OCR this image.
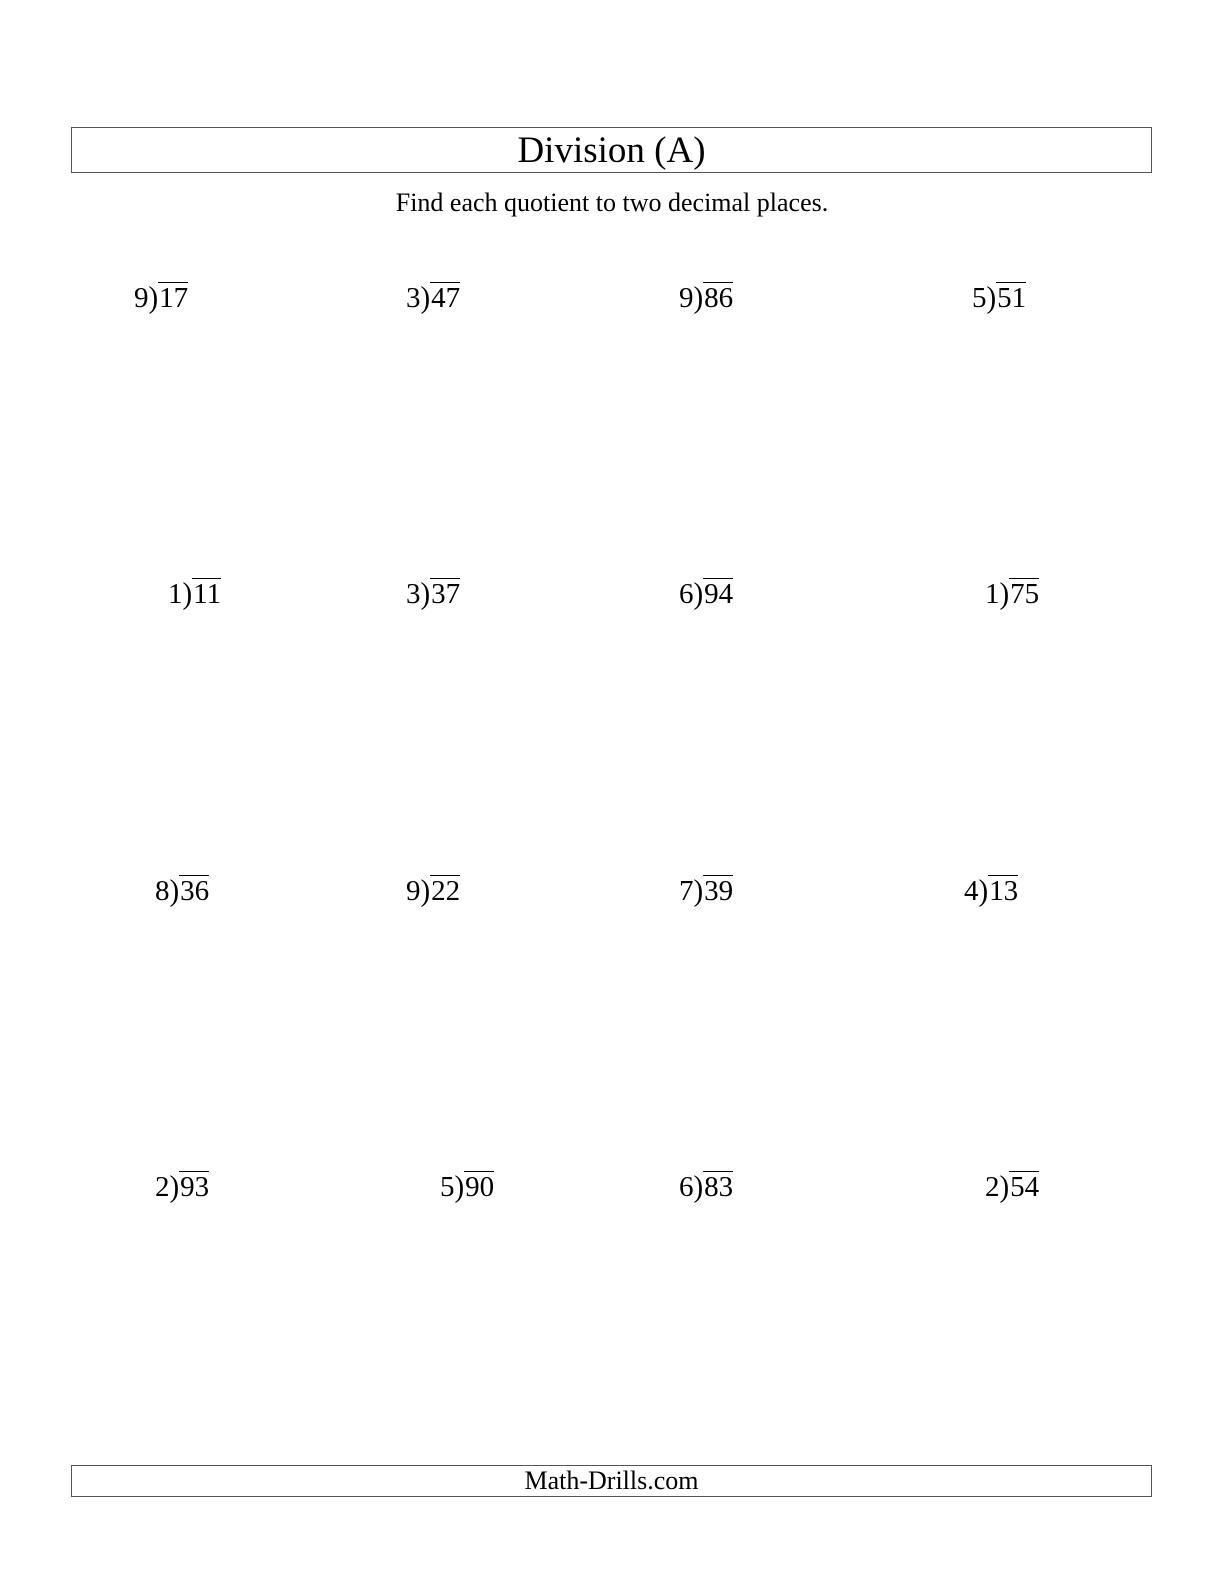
Division (A)
Find each quotient to two decimal places.
9 ) 17	3 ) 47	9 ) 86	5 ) 51
1 ) 11	3 ) 37	6 ) 94	1 ) 75
8 ) 36	9 ) 22	7 ) 39	4 ) 13
2 ) 93	5 ) 90	6 ) 83	2 ) 54
Math-Drills.com
